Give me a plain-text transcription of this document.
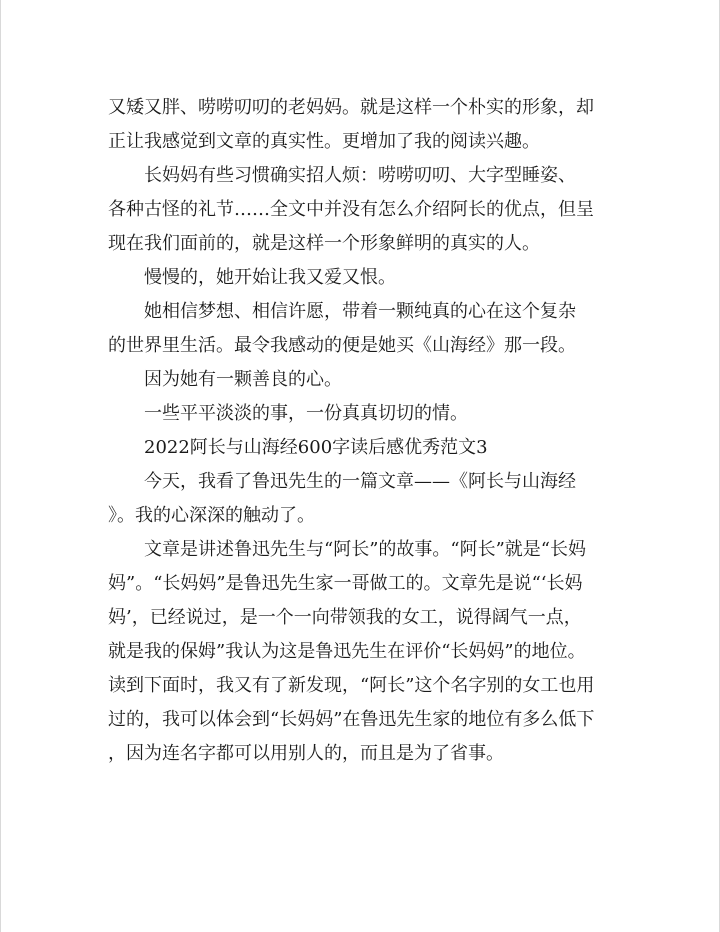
又矮又胖、唠唠叨叨的老妈妈。就是这样一个朴实的形象，却
正让我感觉到文章的真实性。更增加了我的阅读兴趣。
长妈妈有些习惯确实招人烦：唠唠叨叨、大字型睡姿、
各种古怪的礼节……全文中并没有怎么介绍阿长的优点，但呈
现在我们面前的，就是这样一个形象鲜明的真实的人。
慢慢的，她开始让我又爱又恨。
她相信梦想、相信许愿，带着一颗纯真的心在这个复杂
的世界里生活。最令我感动的便是她买《山海经》那一段。
因为她有一颗善良的心。
一些平平淡淡的事，一份真真切切的情。
2022阿长与山海经600字读后感优秀范文3
今天，我看了鲁迅先生的一篇文章——《阿长与山海经
》。我的心深深的触动了。
文章是讲述鲁迅先生与“阿长”的故事。“阿长”就是“长妈
妈”。“长妈妈”是鲁迅先生家一哥做工的。文章先是说“‘长妈
妈’，已经说过，是一个一向带领我的女工，说得阔气一点，
就是我的保姆”我认为这是鲁迅先生在评价“长妈妈”的地位。
读到下面时，我又有了新发现，“阿长”这个名字别的女工也用
过的，我可以体会到“长妈妈”在鲁迅先生家的地位有多么低下
，因为连名字都可以用别人的，而且是为了省事。
